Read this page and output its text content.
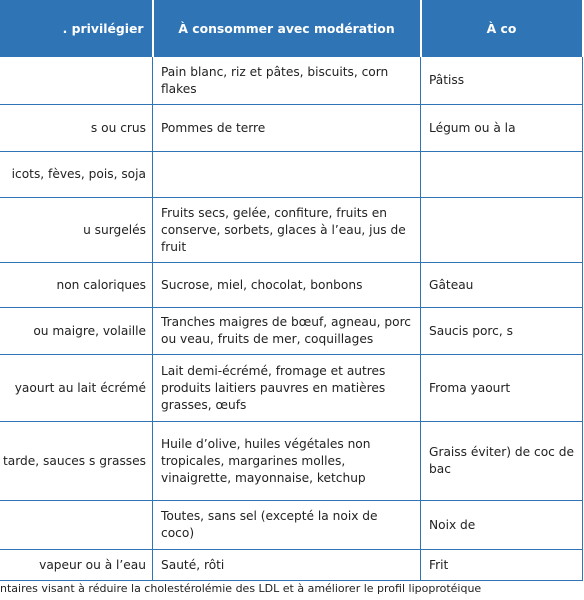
. privilégier	À consommer avec modération	À co
	Pain blanc, riz et pâtes, biscuits, corn flakes	Pâtiss
s ou crus	Pommes de terre	Légum ou à la
icots, fèves, pois, soja		
u surgelés	Fruits secs, gelée, confiture, fruits en conserve, sorbets, glaces à l’eau, jus de fruit	
non caloriques	Sucrose, miel, chocolat, bonbons	Gâteau
ou maigre, volaille	Tranches maigres de bœuf, agneau, porc ou veau, fruits de mer, coquillages	Saucis porc, s
yaourt au lait écrémé	Lait demi-écrémé, fromage et autres produits laitiers pauvres en matières grasses, œufs	Froma yaourt
tarde, sauces s grasses	Huile d’olive, huiles végétales non tropicales, margarines molles, vinaigrette, mayonnaise, ketchup	Graiss éviter) de coc de bac
	Toutes, sans sel (excepté la noix de coco)	Noix de
vapeur ou à l’eau	Sauté, rôti	Frit
ntaires visant à réduire la cholestérolémie des LDL et à améliorer le profil lipoprotéique
